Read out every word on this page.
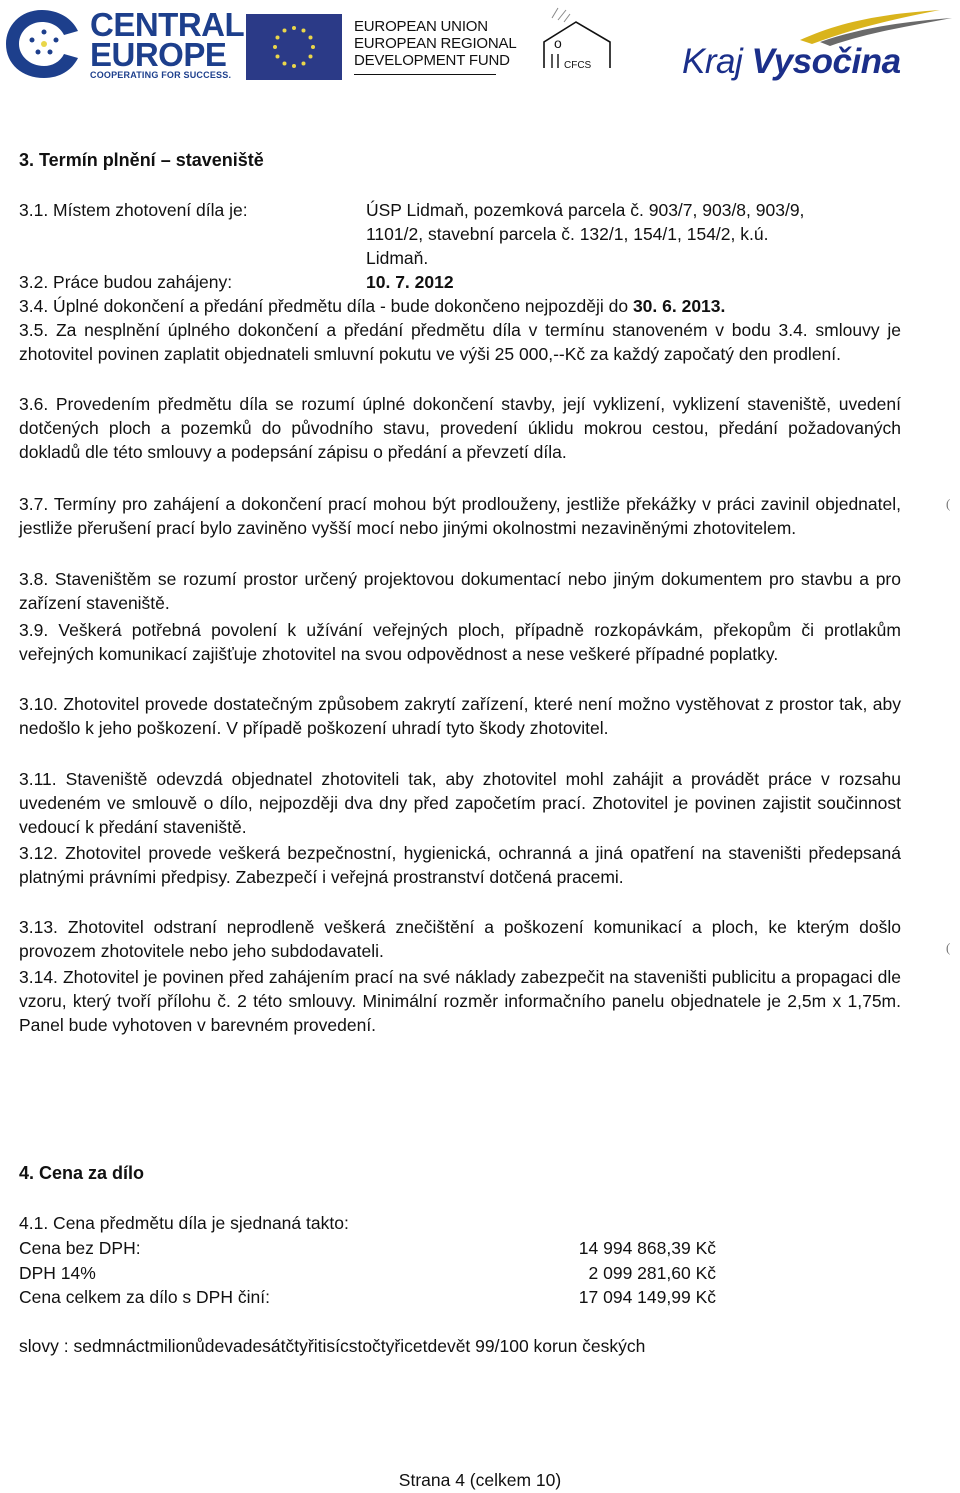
CENTRAL
EUROPE
COOPERATING FOR SUCCESS.
EUROPEAN UNION
EUROPEAN REGIONAL
DEVELOPMENT FUND
o
CFCS	Kraj Vysočina
3. Termín plnění – staveniště
3.1. Místem zhotovení díla je:	ÚSP Lidmaň, pozemková parcela č. 903/7, 903/8, 903/9,
1101/2, stavební parcela č. 132/1, 154/1, 154/2, k.ú.
Lidmaň.
3.2. Práce budou zahájeny:	10. 7. 2012
3.4. Úplné dokončení a předání předmětu díla - bude dokončeno nejpozději do 30. 6. 2013.
3.5. Za nesplnění úplného dokončení a předání předmětu díla v termínu stanoveném v bodu 3.4. smlouvy je zhotovitel povinen zaplatit objednateli smluvní pokutu ve výši 25 000,--Kč za každý započatý den prodlení.
3.6. Provedením předmětu díla se rozumí úplné dokončení stavby, její vyklizení, vyklizení staveniště, uvedení dotčených ploch a pozemků do původního stavu, provedení úklidu mokrou cestou, předání požadovaných dokladů dle této smlouvy a podepsání zápisu o předání a převzetí díla.
3.7. Termíny pro zahájení a dokončení prací mohou být prodlouženy, jestliže překážky v práci zavinil objednatel, jestliže přerušení prací bylo zaviněno vyšší mocí nebo jinými okolnostmi nezaviněnými zhotovitelem.
3.8. Staveništěm se rozumí prostor určený projektovou dokumentací nebo jiným dokumentem pro stavbu a pro zařízení staveniště.
3.9. Veškerá potřebná povolení k užívání veřejných ploch, případně rozkopávkám, překopům či protlakům veřejných komunikací zajišťuje zhotovitel na svou odpovědnost a nese veškeré případné poplatky.
3.10. Zhotovitel provede dostatečným způsobem zakrytí zařízení, které není možno vystěhovat z prostor tak, aby nedošlo k jeho poškození. V případě poškození uhradí tyto škody zhotovitel.
3.11. Staveniště odevzdá objednatel zhotoviteli tak, aby zhotovitel mohl zahájit a provádět práce v rozsahu uvedeném ve smlouvě o dílo, nejpozději dva dny před započetím prací. Zhotovitel je povinen zajistit součinnost vedoucí k předání staveniště.
3.12. Zhotovitel provede veškerá bezpečnostní, hygienická, ochranná a jiná opatření na staveništi předepsaná platnými právními předpisy. Zabezpečí i veřejná prostranství dotčená pracemi.
3.13. Zhotovitel odstraní neprodleně veškerá znečištění a poškození komunikací a ploch, ke kterým došlo provozem zhotovitele nebo jeho subdodavateli.
3.14. Zhotovitel je povinen před zahájením prací na své náklady zabezpečit na staveništi publicitu a propagaci dle vzoru, který tvoří přílohu č. 2 této smlouvy. Minimální rozměr informačního panelu objednatele je 2,5m x 1,75m. Panel bude vyhotoven v barevném provedení.
(
(
4. Cena za dílo
4.1. Cena předmětu díla je sjednaná takto:
Cena bez DPH:	14 994 868,39 Kč
DPH 14%	2 099 281,60 Kč
Cena celkem za dílo s DPH činí:	17 094 149,99 Kč
slovy : sedmnáctmilionůdevadesátčtyřitisícstočtyřicetdevět 99/100 korun českých
Strana 4 (celkem 10)
